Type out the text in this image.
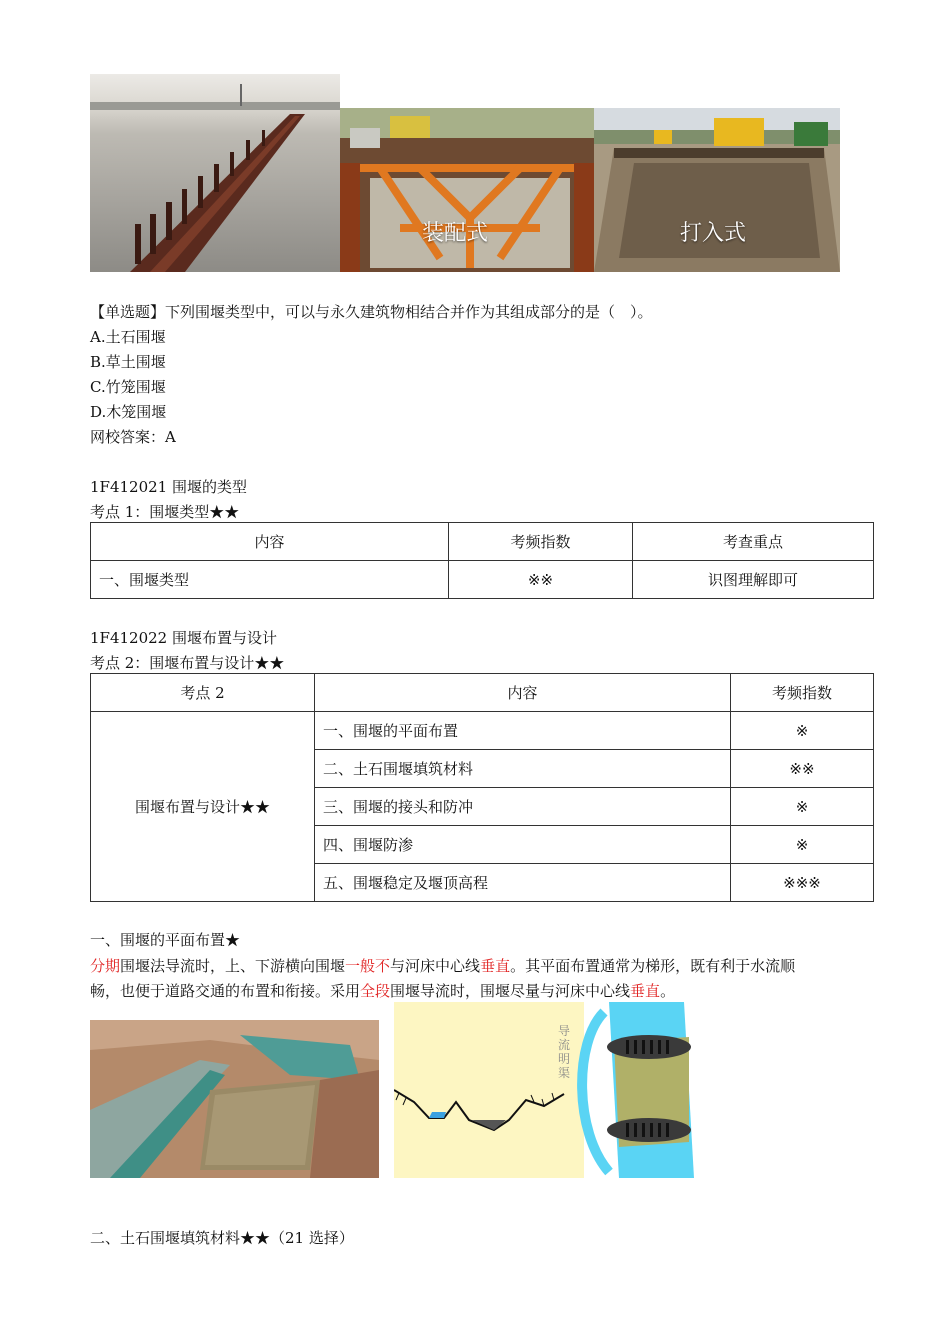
装配式	打入式
【单选题】下列围堰类型中，可以与永久建筑物相结合并作为其组成部分的是（　）。
A.土石围堰
B.草土围堰
C.竹笼围堰
D.木笼围堰
网校答案：A
1F412021 围堰的类型
考点 1：围堰类型★★
内容	考频指数	考查重点
一、围堰类型	※※	识图理解即可
1F412022 围堰布置与设计
考点 2：围堰布置与设计★★
考点 2	内容	考频指数
围堰布置与设计★★	一、围堰的平面布置	※
	二、土石围堰填筑材料	※※
	三、围堰的接头和防冲	※
	四、围堰防渗	※
	五、围堰稳定及堰顶高程	※※※
一、围堰的平面布置★
分期围堰法导流时，上、下游横向围堰一般不与河床中心线垂直。其平面布置通常为梯形，既有利于水流顺
畅，也便于道路交通的布置和衔接。采用全段围堰导流时，围堰尽量与河床中心线垂直。
导流明渠
二、土石围堰填筑材料★★（21 选择）
